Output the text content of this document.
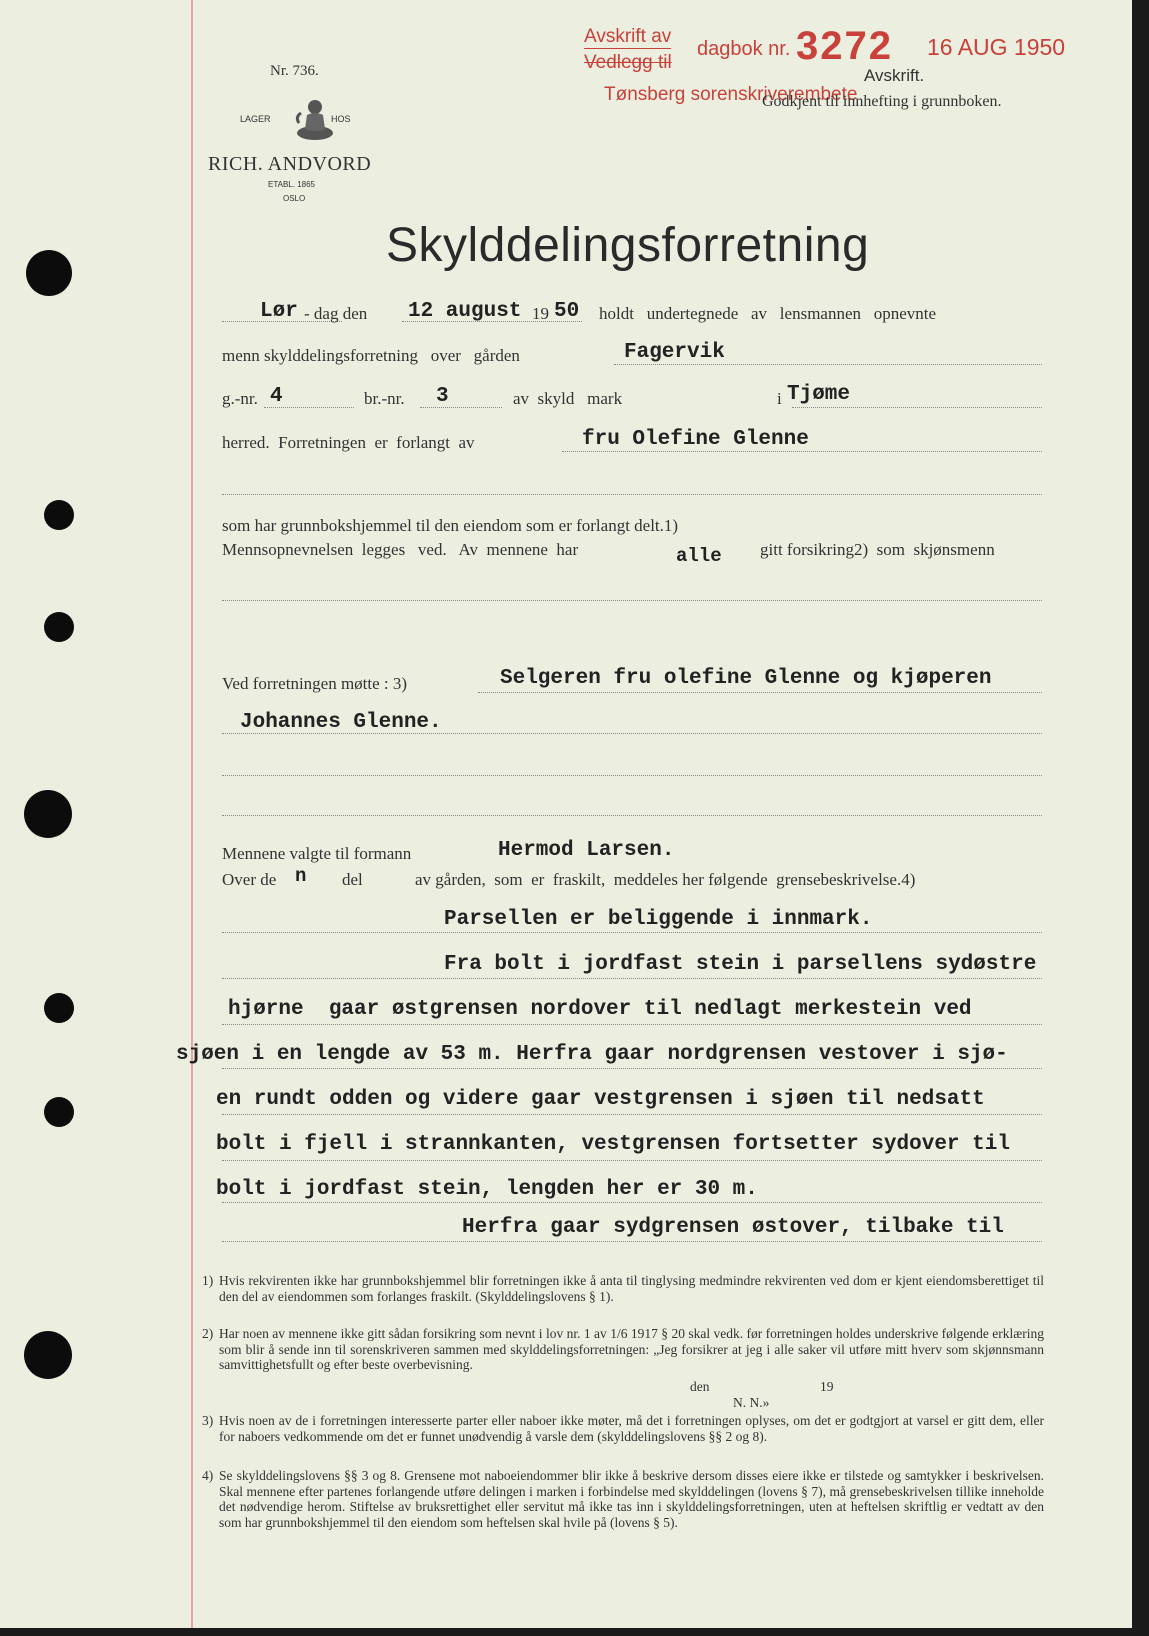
Avskrift av
Vedlegg til
dagbok nr. 3272 16 AUG 1950
Tønsberg sorenskriverembete
Avskrift.
Godkjent til innhefting i grunnboken.
Nr. 736.
LAGER	HOS
RICH. ANDVORD
ETABL. 1865
OSLO
Skylddelingsforretning
Lør - dag den 12 august 19 50 holdt   undertegnede   av   lensmannen   opnevnte
menn skylddelingsforretning   over   gården	Fagervik
g.-nr. 4	br.-nr. 3	av  skyld   mark	i Tjøme
herred.  Forretningen  er  forlangt  av	fru Olefine Glenne
som har grunnbokshjemmel til den eiendom som er forlangt delt.1)
Mennsopnevnelsen  legges   ved.   Av  mennene  har	alle gitt forsikring2)  som  skjønsmenn
Ved forretningen møtte : 3)	Selgeren fru olefine Glenne og kjøperen
Johannes Glenne.
Mennene valgte til formann	Hermod Larsen.
Over de n del	av gården,  som  er  fraskilt,  meddeles her følgende  grensebeskrivelse.4)
Parsellen er beliggende i innmark.
Fra bolt i jordfast stein i parsellens sydøstre
hjørne  gaar østgrensen nordover til nedlagt merkestein ved
sjøen i en lengde av 53 m. Herfra gaar nordgrensen vestover i sjø-
en rundt odden og videre gaar vestgrensen i sjøen til nedsatt
bolt i fjell i strannkanten, vestgrensen fortsetter sydover til
bolt i jordfast stein, lengden her er 30 m.
Herfra gaar sydgrensen østover, tilbake til
1) Hvis rekvirenten ikke har grunnbokshjemmel blir forretningen ikke å anta til tinglysing medmindre rekvirenten ved dom er kjent eiendomsberettiget til den del av eiendommen som forlanges fraskilt. (Skylddelingslovens § 1).

2) Har noen av mennene ikke gitt sådan forsikring som nevnt i lov nr. 1 av 1/6 1917 § 20 skal vedk. før forretningen holdes underskrive følgende erklæring som blir å sende inn til sorenskriveren sammen med skylddelingsforretningen: „Jeg forsikrer at jeg i alle saker vil utføre mitt hverv som skjønnsmann samvittighetsfullt og efter beste overbevisning.

den	19
N. N.»
3) Hvis noen av de i forretningen interesserte parter eller naboer ikke møter, må det i forretningen oplyses, om det er godtgjort at varsel er gitt dem, eller for naboers vedkommende om det er funnet unødvendig å varsle dem (skylddelingslovens §§ 2 og 8).

4) Se skylddelingslovens §§ 3 og 8. Grensene mot naboeiendommer blir ikke å beskrive dersom disses eiere ikke er tilstede og samtykker i beskrivelsen. Skal mennene efter partenes forlangende utføre delingen i marken i forbindelse med skylddelingen (lovens § 7), må grensebeskrivelsen tillike inneholde det nødvendige herom. Stiftelse av bruksrettighet eller servitut må ikke tas inn i skylddelingsforretningen, uten at heftelsen skriftlig er vedtatt av den som har grunnbokshjemmel til den eiendom som heftelsen skal hvile på (lovens § 5).
